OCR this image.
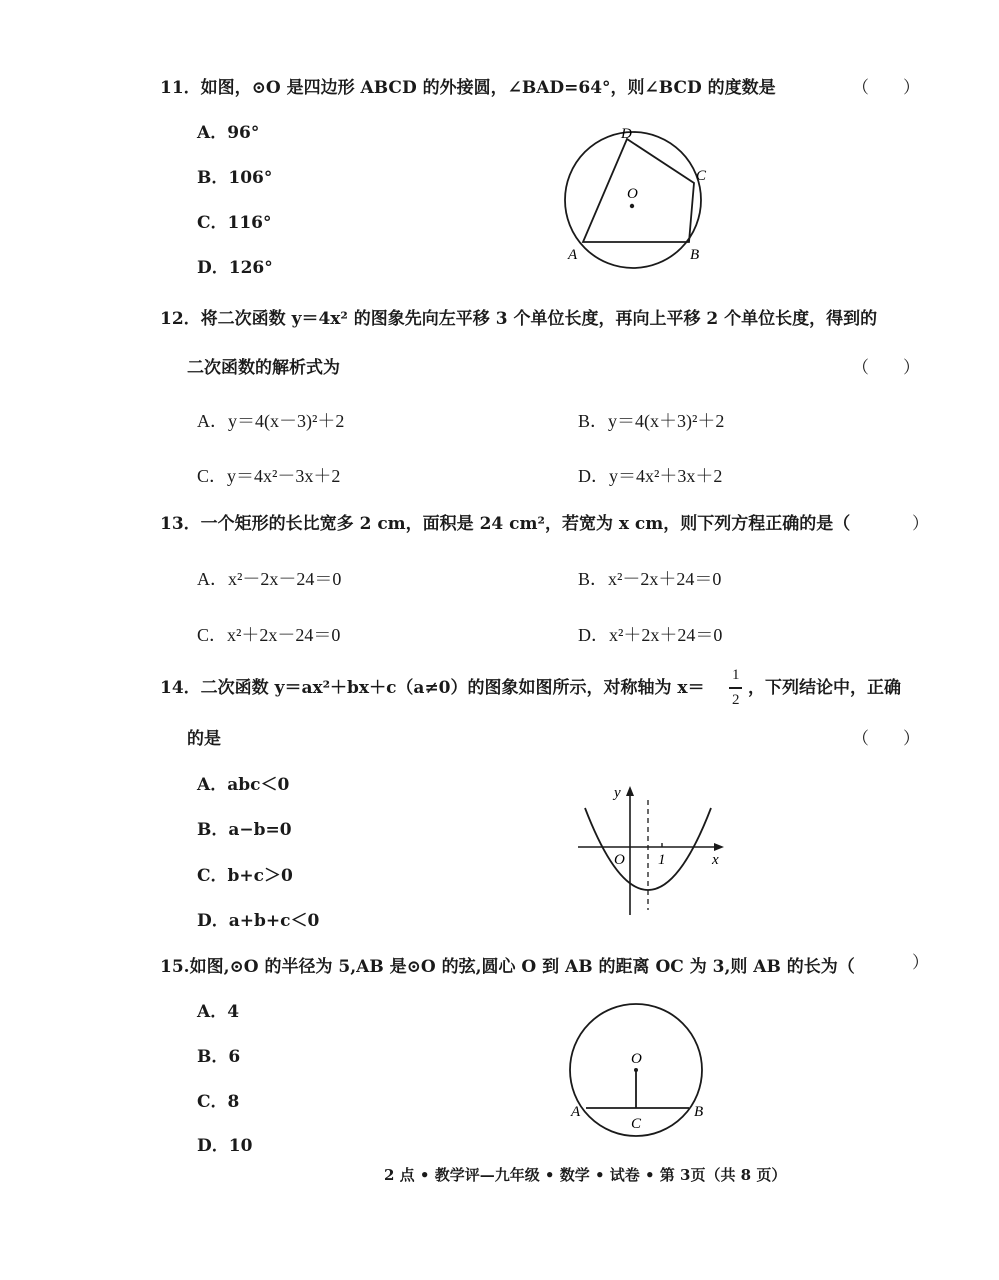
11．如图，⊙O 是四边形 ABCD 的外接圆，∠BAD=64°，则∠BCD 的度数是	（　　）
A．96°
B．106°
C．116°
D．126°
D
C
O
A	B
12．将二次函数 y＝4x² 的图象先向左平移 3 个单位长度，再向上平移 2 个单位长度，得到的
二次函数的解析式为	（　　）
A．y＝4(x－3)²＋2	B．y＝4(x＋3)²＋2
C．y＝4x²－3x＋2	D．y＝4x²＋3x＋2
13．一个矩形的长比宽多 2 cm，面积是 24 cm²，若宽为 x cm，则下列方程正确的是（	）
A．x²－2x－24＝0	B．x²－2x＋24＝0
C．x²＋2x－24＝0	D．x²＋2x＋24＝0
14．二次函数 y＝ax²＋bx＋c（a≠0）的图象如图所示，对称轴为 x＝
1
2
，下列结论中，正确
的是	（　　）
A．abc＜0
B．a−b=0
C．b+c＞0
D．a+b+c＜0
y
x
O 1
15.如图,⊙O 的半径为 5,AB 是⊙O 的弦,圆心 O 到 AB 的距离 OC 为 3,则 AB 的长为（	）
A．4
B．6
C．8
D．10
O
A	B
C
2 点 • 教学评—九年级 • 数学 • 试卷 • 第 3页（共 8 页）
